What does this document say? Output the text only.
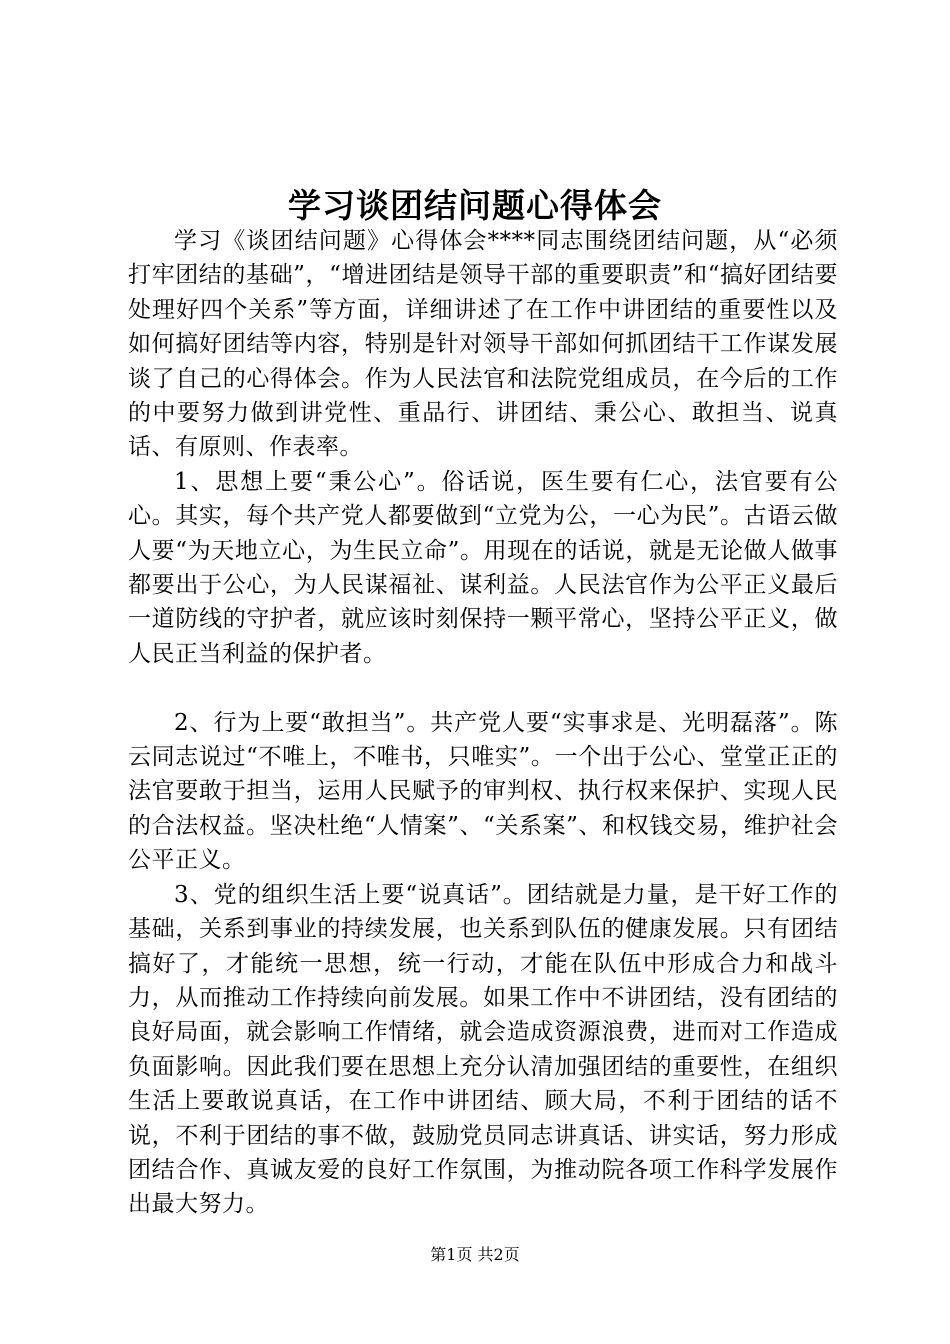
学习谈团结问题心得体会

学习《谈团结问题》心得体会****同志围绕团结问题，从“必须打牢团结的基础”，“增进团结是领导干部的重要职责”和“搞好团结要处理好四个关系”等方面，详细讲述了在工作中讲团结的重要性以及如何搞好团结等内容，特别是针对领导干部如何抓团结干工作谋发展谈了自己的心得体会。作为人民法官和法院党组成员，在今后的工作的中要努力做到讲党性、重品行、讲团结、秉公心、敢担当、说真话、有原则、作表率。

1、思想上要“秉公心”。俗话说，医生要有仁心，法官要有公心。其实，每个共产党人都要做到“立党为公，一心为民”。古语云做人要“为天地立心，为生民立命”。用现在的话说，就是无论做人做事都要出于公心，为人民谋福祉、谋利益。人民法官作为公平正义最后一道防线的守护者，就应该时刻保持一颗平常心，坚持公平正义，做人民正当利益的保护者。

2、行为上要“敢担当”。共产党人要“实事求是、光明磊落”。陈云同志说过“不唯上，不唯书，只唯实”。一个出于公心、堂堂正正的法官要敢于担当，运用人民赋予的审判权、执行权来保护、实现人民的合法权益。坚决杜绝“人情案”、“关系案”、和权钱交易，维护社会公平正义。

3、党的组织生活上要“说真话”。团结就是力量，是干好工作的基础，关系到事业的持续发展，也关系到队伍的健康发展。只有团结搞好了，才能统一思想，统一行动，才能在队伍中形成合力和战斗力，从而推动工作持续向前发展。如果工作中不讲团结，没有团结的良好局面，就会影响工作情绪，就会造成资源浪费，进而对工作造成负面影响。因此我们要在思想上充分认清加强团结的重要性，在组织生活上要敢说真话，在工作中讲团结、顾大局，不利于团结的话不说，不利于团结的事不做，鼓励党员同志讲真话、讲实话，努力形成团结合作、真诚友爱的良好工作氛围，为推动院各项工作科学发展作出最大努力。

第1页 共2页
